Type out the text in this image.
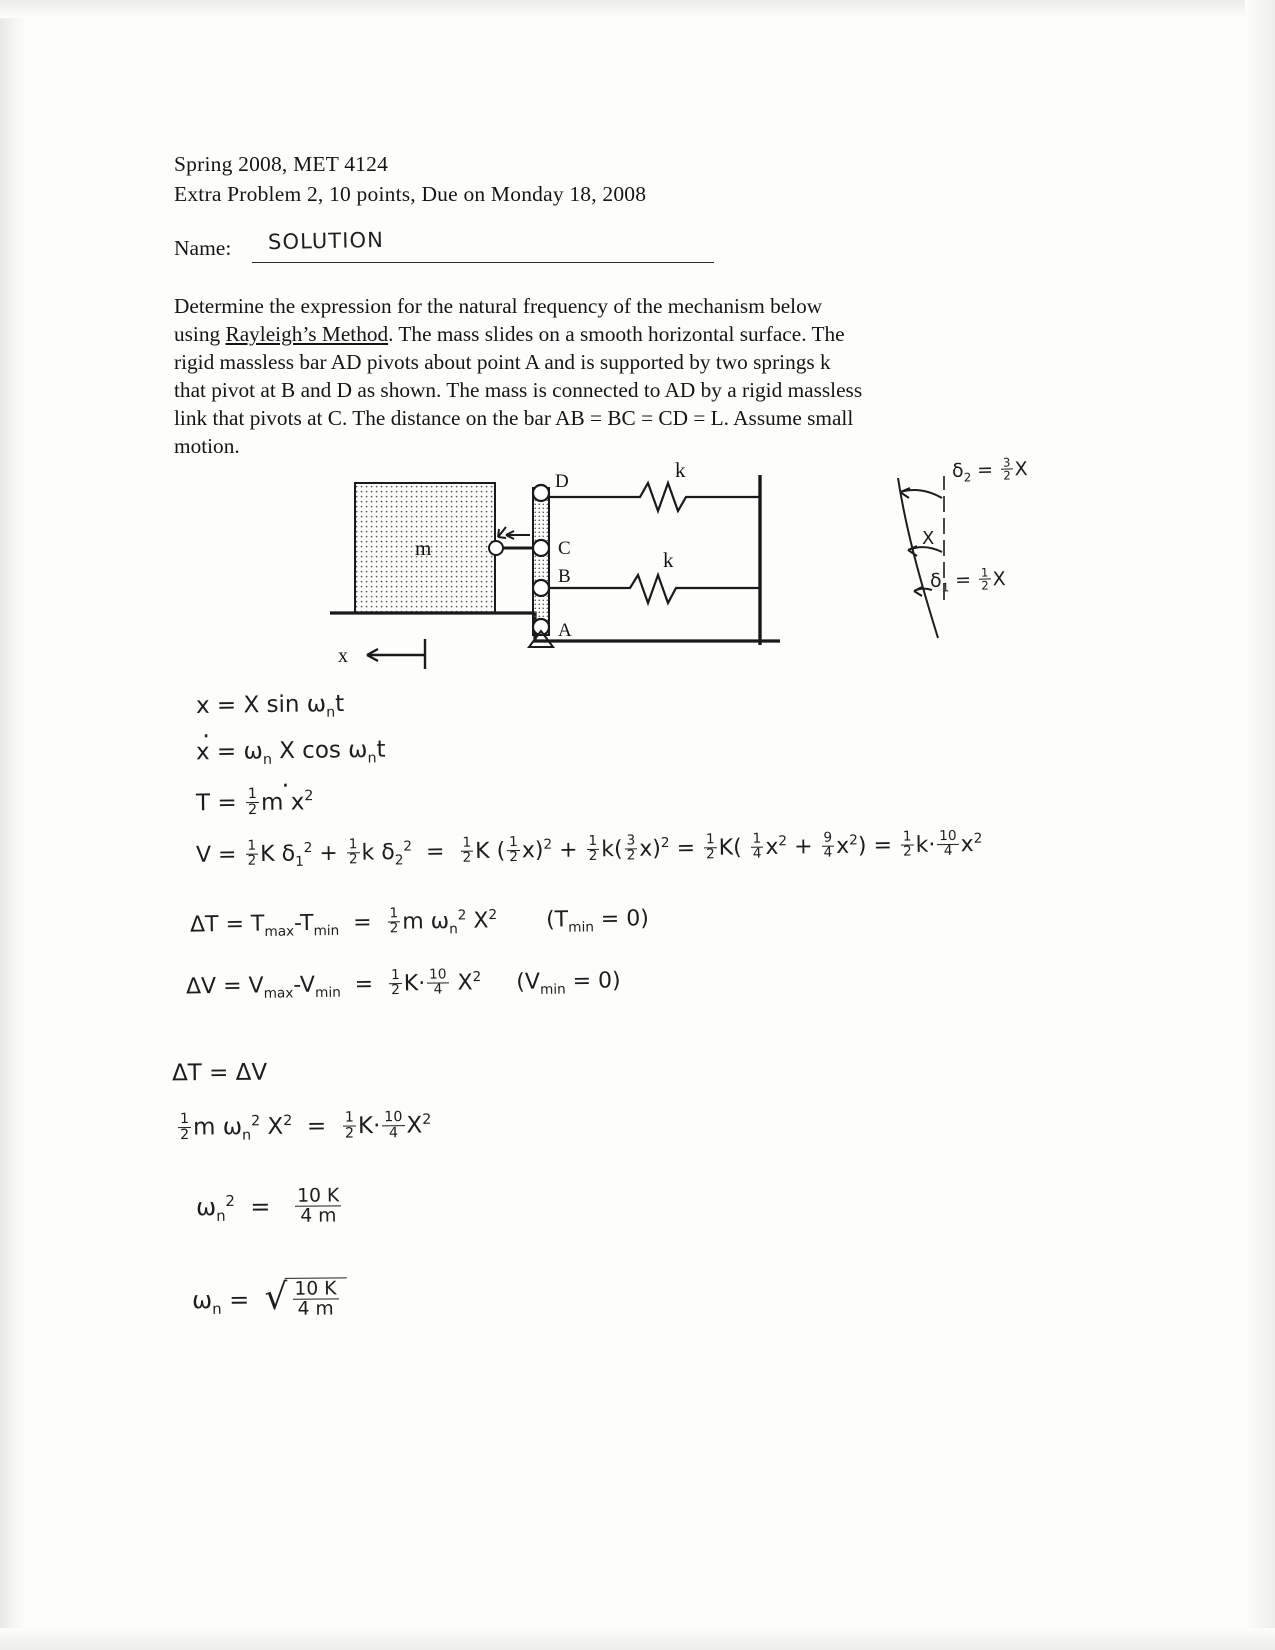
Spring 2008, MET 4124
Extra Problem 2, 10 points, Due on Monday 18, 2008
Name: SOLUTION
Determine the expression for the natural frequency of the mechanism below using Rayleigh’s Method. The mass slides on a smooth horizontal surface. The rigid massless bar AD pivots about point A and is supported by two springs k that pivot at B and D as shown. The mass is connected to AD by a rigid massless link that pivots at C. The distance on the bar AB = BC = CD = L. Assume small motion.
D
C
B
A
m
k
k
x
X
$\delta_2 = \frac{3}{2}$ X
$\delta_1 = \frac{1}{2}$ X
x = X $\sin \omega_nt$
· $x = \omega_n$ X $\cos \omega_nt$
$T = \frac{1}{2} \cdot m$ $x^2$
$V = \frac{1}{2}$ K $\delta_1^2 + \frac{1}{2}$ k $\delta_2^2 = \frac{1}{2}$ K ( $\frac{1}{2} x)^2 + \frac{1}{2} k( \frac{3}{2} x)^2 = \frac{1}{2} K( \frac{1}{4} x^2 + \frac{9}{4} x^2) = \frac{1}{2} k\cdot \frac{10}{4} x^2$
$\Delta T = T_{max}-T_{min} = \frac{1}{2}$ m $\omega_n^2$ $X^2$ $(T_{min} = 0)$
$\Delta V = V_{max}-V_{min} = \frac{1}{2} K\cdot \frac{10}{4} X^2$ $(V_{min} = 0)$
ΔT = ΔV
$\frac{1}{2}$ m $\omega_n^2$ $X^2 = \frac{1}{2} K\cdot \frac{10}{4} X^2$
$\omega_n^2 = \frac{10 K}{4 m}$
$\omega_n$ = √ $\frac{10 K}{4 m}$
